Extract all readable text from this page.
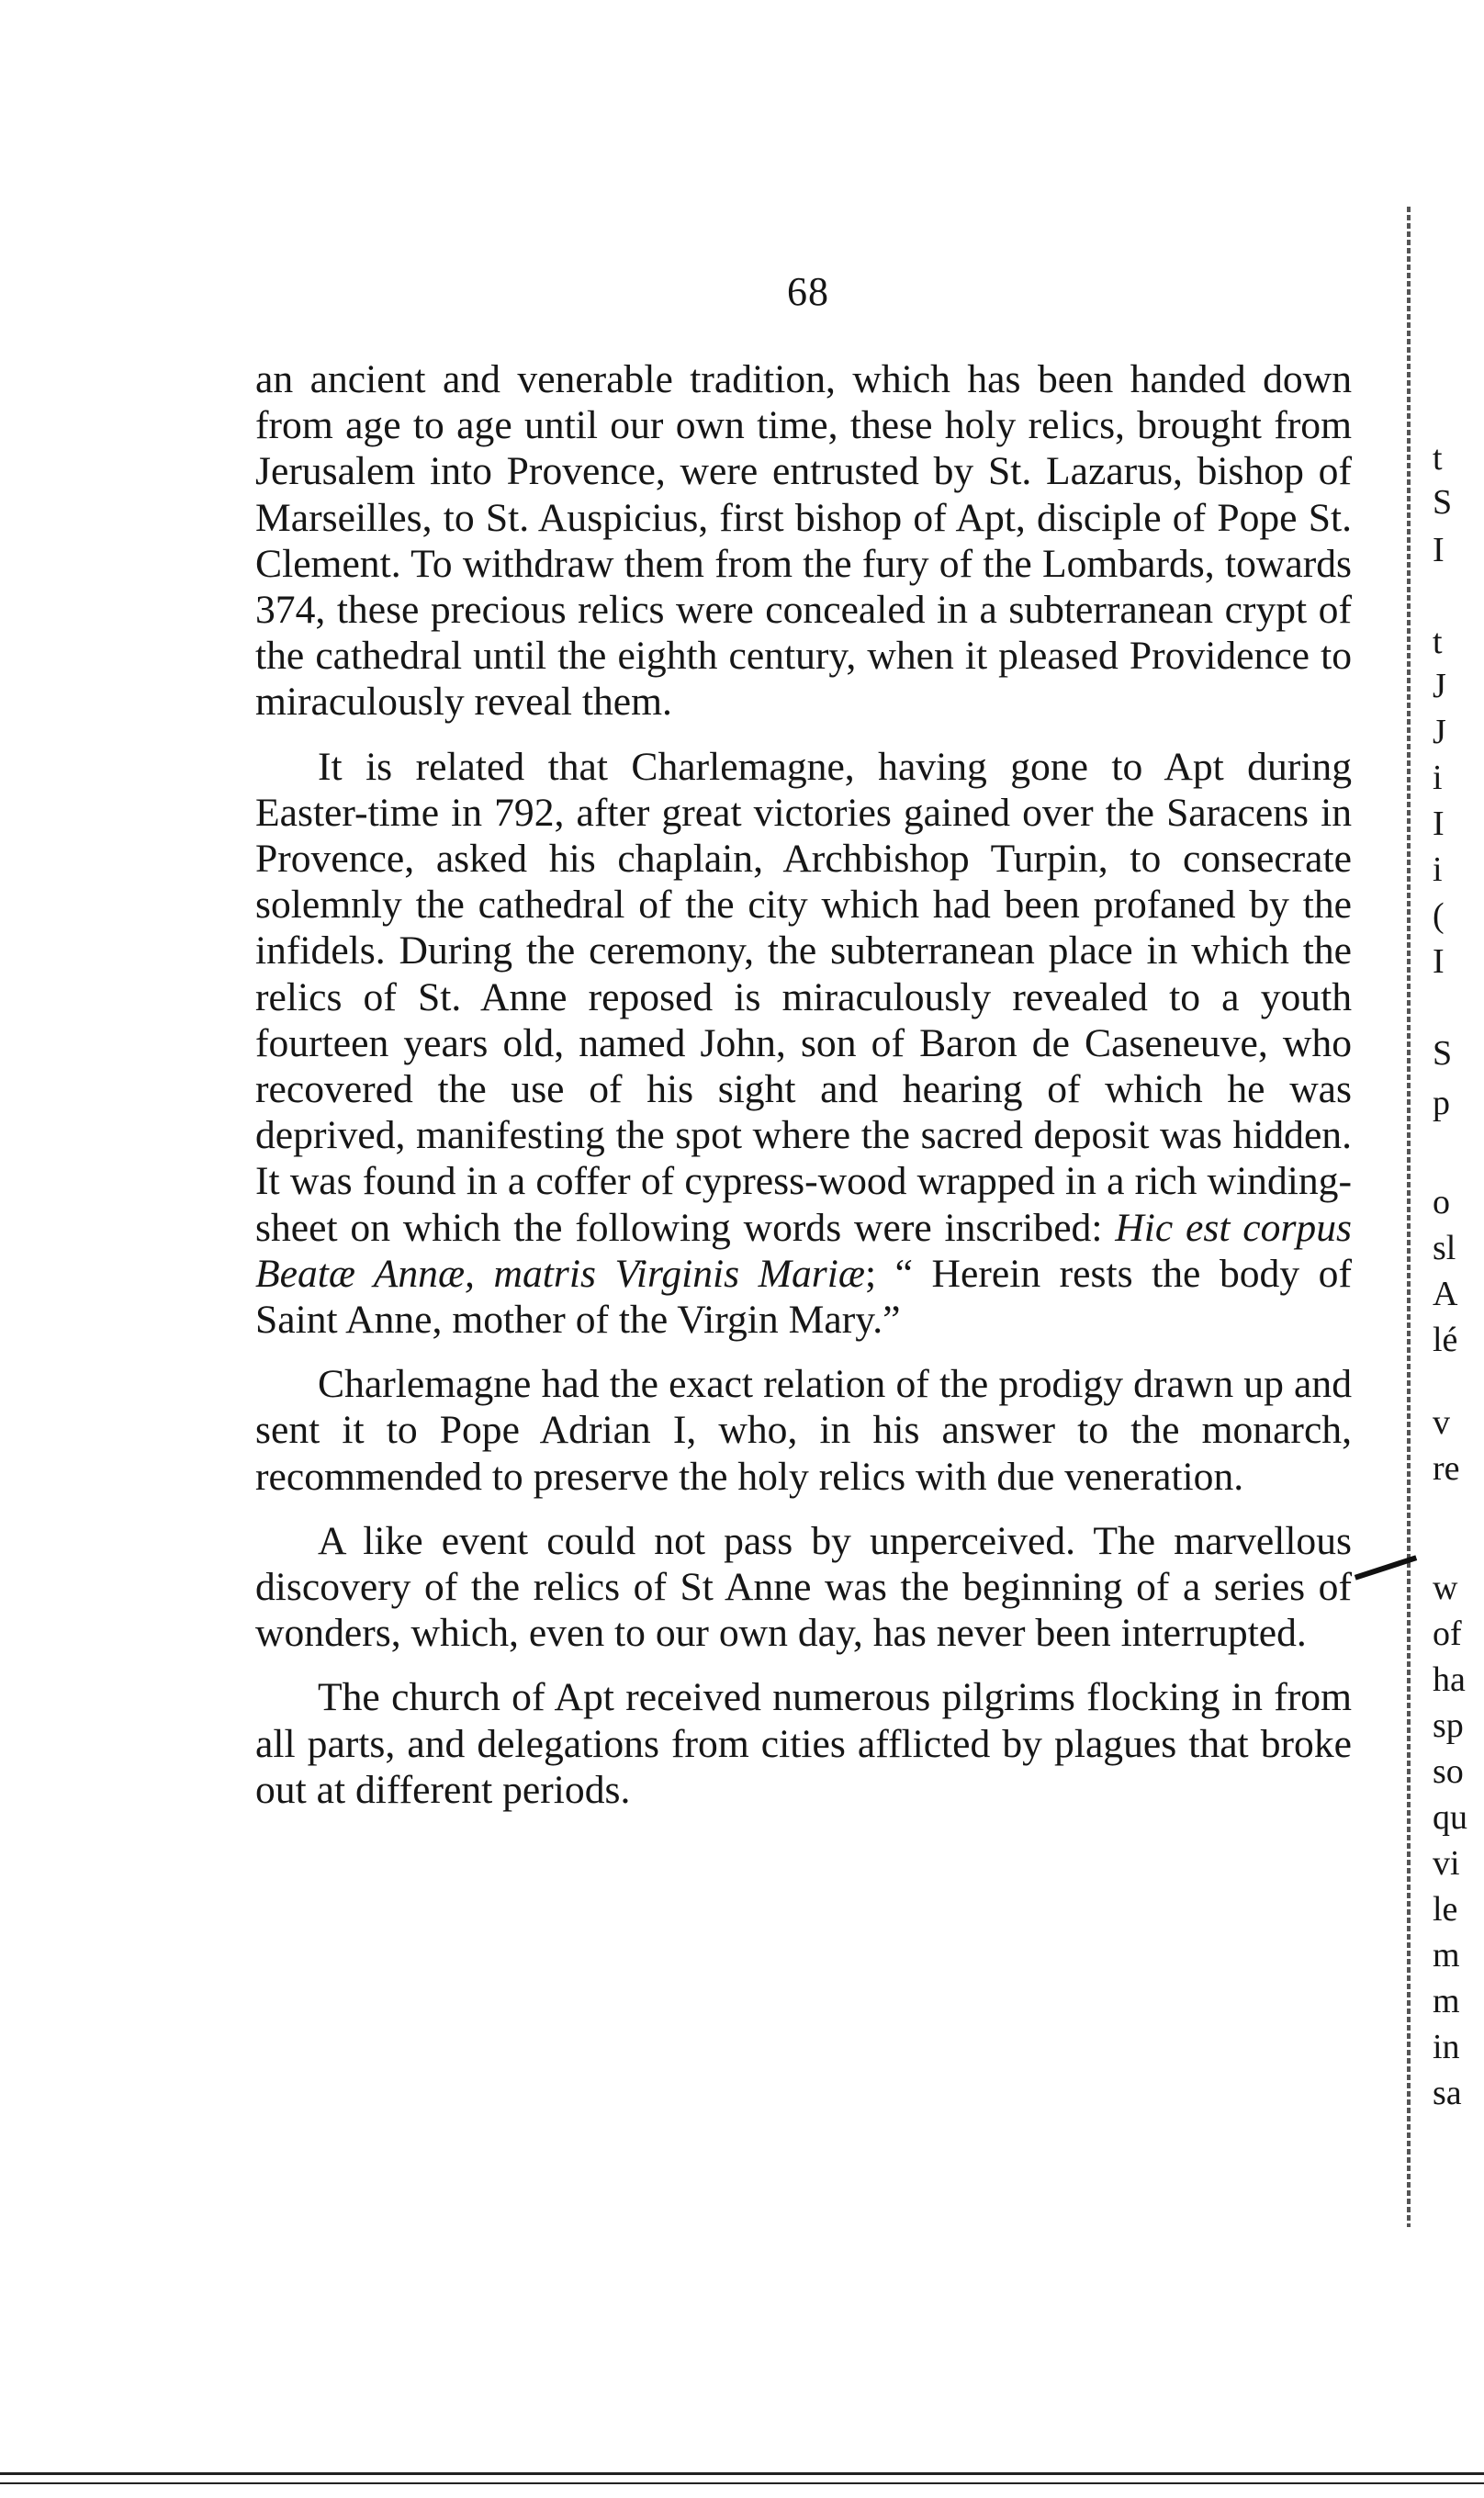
68

an ancient and venerable tradition, which has been handed down from age to age until our own time, these holy relics, brought from Jerusalem into Provence, were entrusted by St. Lazarus, bishop of Marseilles, to St. Auspicius, first bishop of Apt, disciple of Pope St. Clement. To withdraw them from the fury of the Lombards, towards 374, these precious relics were concealed in a subterranean crypt of the cathedral until the eighth century, when it pleased Providence to miraculously reveal them.

It is related that Charlemagne, having gone to Apt during Easter-time in 792, after great victories gained over the Saracens in Provence, asked his chaplain, Archbishop Turpin, to consecrate solemnly the cathedral of the city which had been profaned by the infidels. During the ceremony, the subterranean place in which the relics of St. Anne reposed is miraculously revealed to a youth fourteen years old, named John, son of Baron de Caseneuve, who recovered the use of his sight and hearing of which he was deprived, manifesting the spot where the sacred deposit was hidden. It was found in a coffer of cypress-wood wrapped in a rich winding-sheet on which the following words were inscribed: Hic est corpus Beatæ Annæ, matris Virginis Mariæ; “ Herein rests the body of Saint Anne, mother of the Virgin Mary.”

Charlemagne had the exact relation of the prodigy drawn up and sent it to Pope Adrian I, who, in his answer to the monarch, recommended to preserve the holy relics with due veneration.

A like event could not pass by unperceived. The marvellous discovery of the relics of St Anne was the beginning of a series of wonders, which, even to our own day, has never been interrupted.

The church of Apt received numerous pilgrims flocking in from all parts, and delegations from cities afflicted by plagues that broke out at different periods.

t
S
I
t
J
J
i
I
i
(
I
S
p
o
sl
A
lé
v
re
w
of
ha
sp
so
qu
vi
le
m
m
in
sa
